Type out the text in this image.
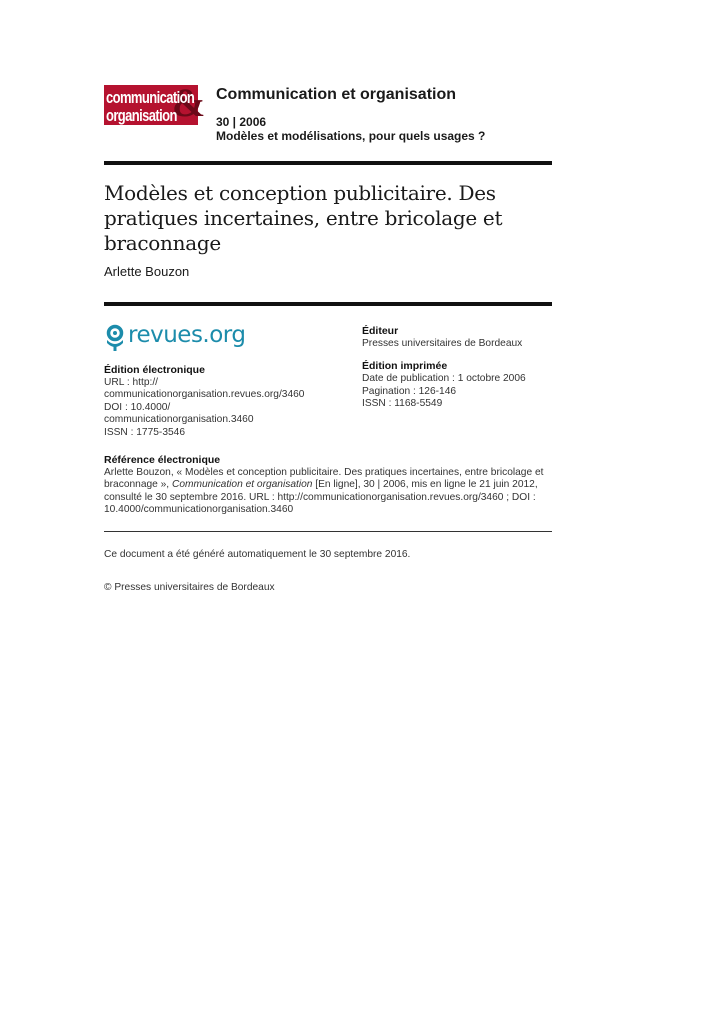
&
communication
organisation
Communication et organisation
30 | 2006
Modèles et modélisations, pour quels usages ?
Modèles et conception publicitaire. Des pratiques incertaines, entre bricolage et braconnage
Arlette Bouzon
revues.org
Édition électronique
URL : http://
communicationorganisation.revues.org/3460
DOI : 10.4000/
communicationorganisation.3460
ISSN : 1775-3546
Éditeur
Presses universitaires de Bordeaux
Édition imprimée
Date de publication : 1 octobre 2006
Pagination : 126-146
ISSN : 1168-5549
Référence électronique
Arlette Bouzon, « Modèles et conception publicitaire. Des pratiques incertaines, entre bricolage et braconnage », Communication et organisation [En ligne], 30 | 2006, mis en ligne le 21 juin 2012, consulté le 30 septembre 2016. URL : http://communicationorganisation.revues.org/3460 ; DOI : 10.4000/communicationorganisation.3460
Ce document a été généré automatiquement le 30 septembre 2016.
© Presses universitaires de Bordeaux
